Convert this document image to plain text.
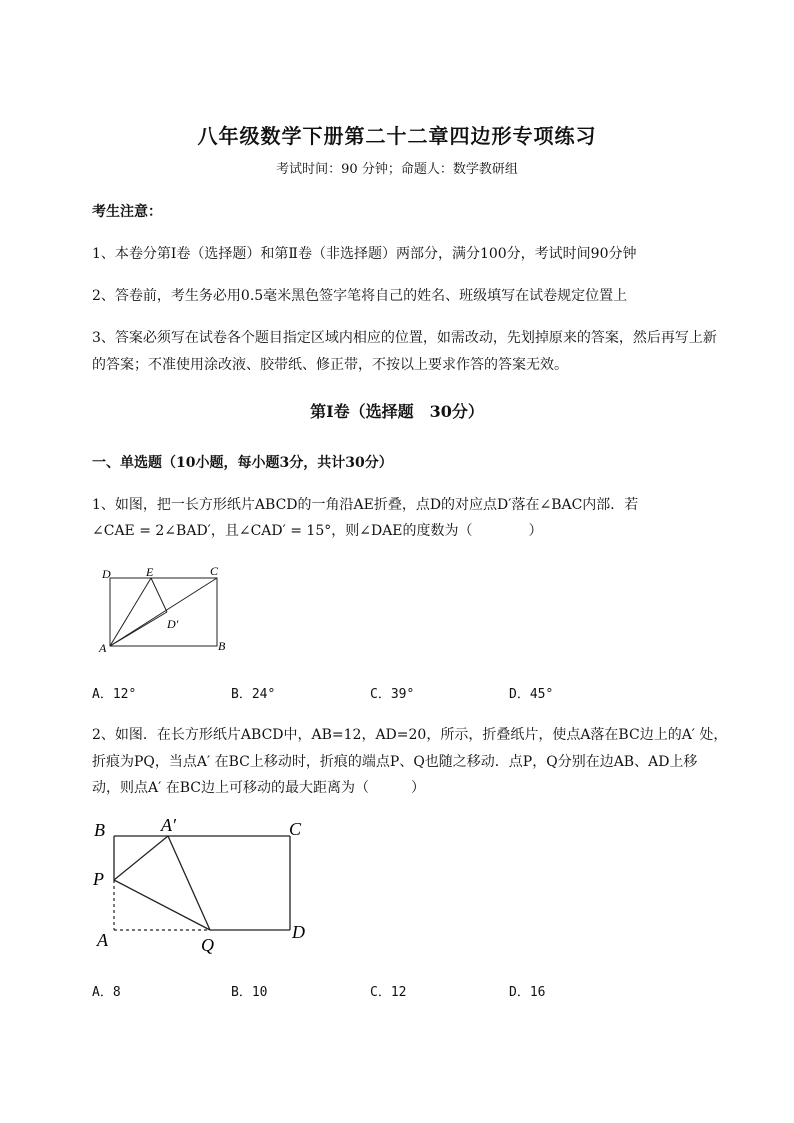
八年级数学下册第二十二章四边形专项练习
考试时间：90 分钟；命题人：数学教研组
考生注意：
1、本卷分第Ⅰ卷（选择题）和第Ⅱ卷（非选择题）两部分，满分100分，考试时间90分钟
2、答卷前，考生务必用0.5毫米黑色签字笔将自己的姓名、班级填写在试卷规定位置上
3、答案必须写在试卷各个题目指定区域内相应的位置，如需改动，先划掉原来的答案，然后再写上新
的答案；不准使用涂改液、胶带纸、修正带，不按以上要求作答的答案无效。
第Ⅰ卷（选择题　30分）
一、单选题（10小题，每小题3分，共计30分）
1、如图，把一长方形纸片ABCD的一角沿AE折叠，点D的对应点D′落在∠BAC内部．若
∠CAE = 2∠BAD′，且∠CAD′ = 15°，则∠DAE的度数为（　　　　）
D	E	C
D′
A	B
A．12°	B．24°	C．39°	D．45°
2、如图．在长方形纸片ABCD中，AB=12，AD=20，所示，折叠纸片，使点A落在BC边上的A′ 处，
折痕为PQ，当点A′ 在BC上移动时，折痕的端点P、Q也随之移动．点P，Q分别在边AB、AD上移
动，则点A′ 在BC边上可移动的最大距离为（　　　）
B	A′	C
P
A	Q
D
A．8	B．10	C．12	D．16
